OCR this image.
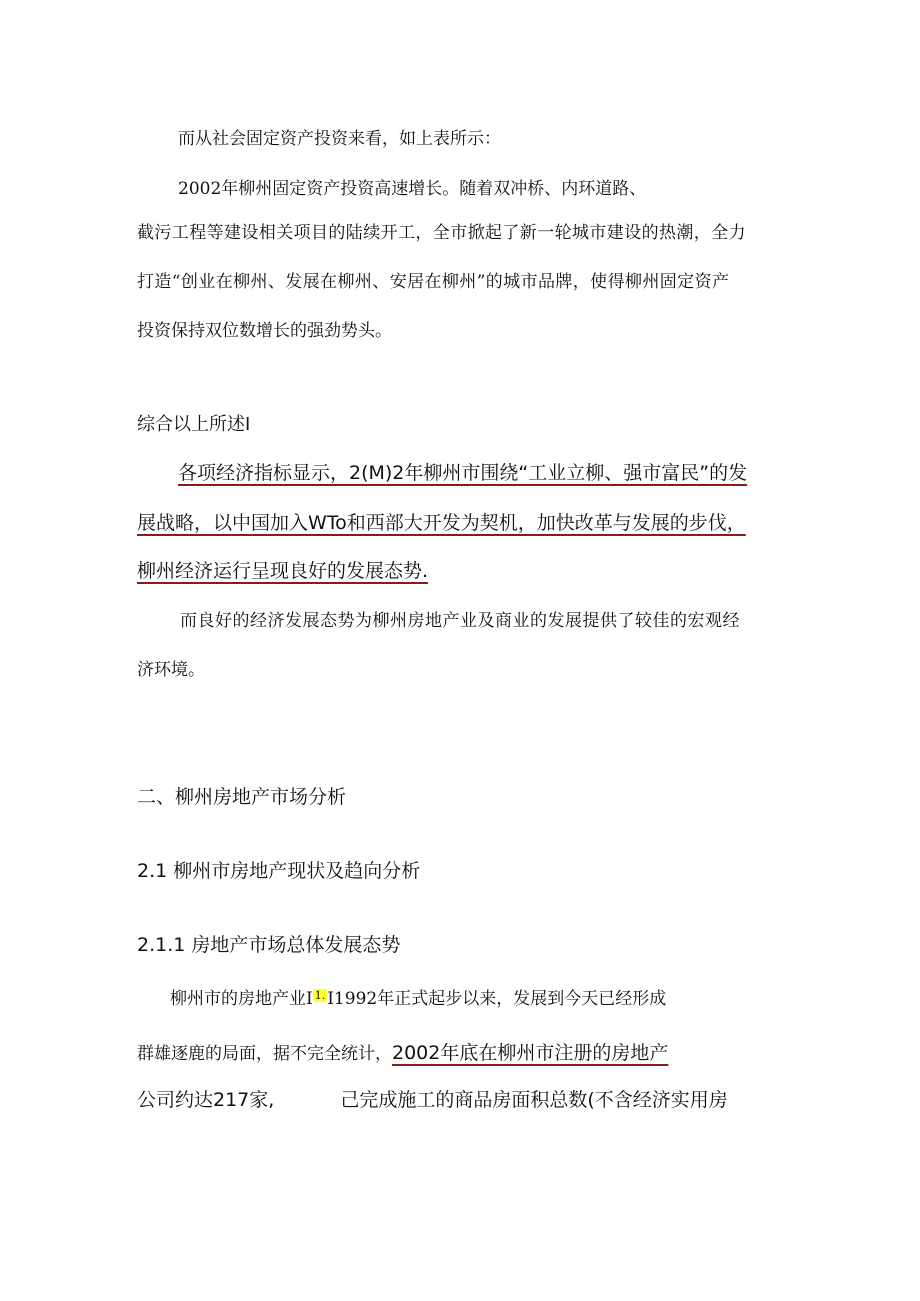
而从社会固定资产投资来看，如上表所示：
2002年柳州固定资产投资高速增长。随着双冲桥、内环道路、
截污工程等建设相关项目的陆续开工，全市掀起了新一轮城市建设的热潮，全力
打造“创业在柳州、发展在柳州、安居在柳州”的城市品牌，使得柳州固定资产
投资保持双位数增长的强劲势头。
综合以上所述I
各项经济指标显示，2(M)2年柳州市围绕“工业立柳、强市富民”的发
展战略，以中国加入WTo和西部大开发为契机，加快改革与发展的步伐，
柳州经济运行呈现良好的发展态势.
而良好的经济发展态势为柳州房地产业及商业的发展提供了较佳的宏观经
济环境。
二、柳州房地产市场分析
2.1 柳州市房地产现状及趋向分析
2.1.1 房地产市场总体发展态势
柳州市的房地产业I $^{1.}$ I1992年正式起步以来，发展到今天已经形成
群雄逐鹿的局面，据不完全统计，2002年底在柳州市注册的房地产
公司约达217家,	己完成施工的商品房面积总数(不含经济实用房
